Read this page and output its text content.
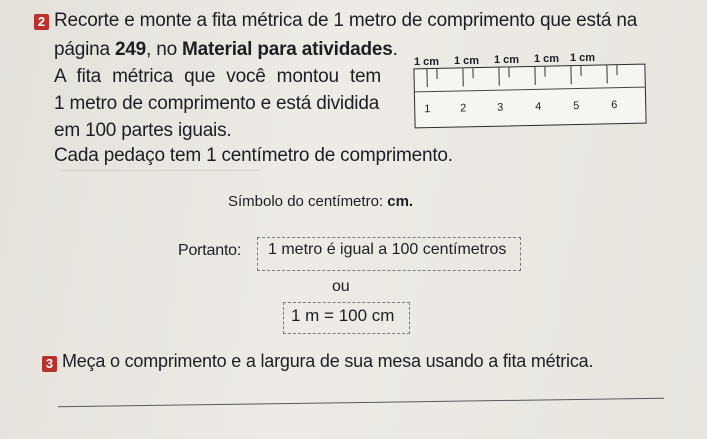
2 Recorte e monte a fita métrica de 1 metro de comprimento que está na
página 249, no Material para atividades.
A fita métrica que você montou tem
1 metro de comprimento e está dividida
em 100 partes iguais.
Cada pedaço tem 1 centímetro de comprimento.
1 cm 1 cm 1 cm 1 cm 1 cm
1	2	3	4	5	6
Símbolo do centímetro: cm.
Portanto: 1 metro é igual a 100 centímetros
ou
1 m = 100 cm
3 Meça o comprimento e a largura de sua mesa usando a fita métrica.
